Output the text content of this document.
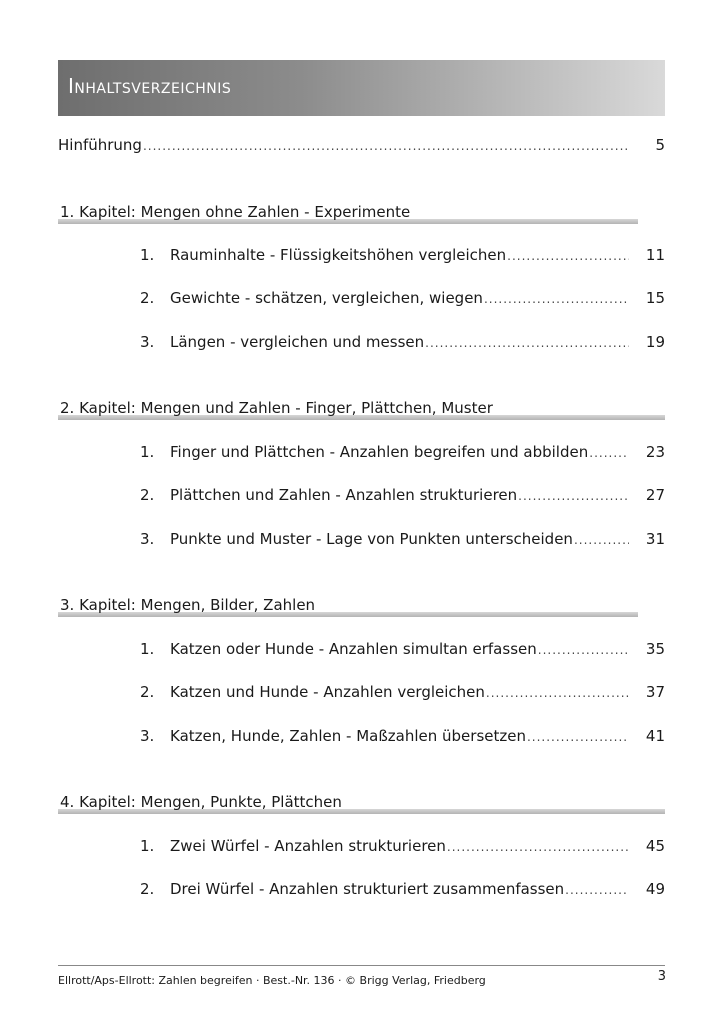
Inhaltsverzeichnis
Hinführung .....	5
1. Kapitel: Mengen ohne Zahlen - Experimente
1.	Rauminhalte - Flüssigkeitshöhen vergleichen .....	11
2.	Gewichte - schätzen, vergleichen, wiegen .....	15
3.	Längen - vergleichen und messen .....	19
2. Kapitel: Mengen und Zahlen - Finger, Plättchen, Muster
1.	Finger und Plättchen - Anzahlen begreifen und abbilden .....	23
2.	Plättchen und Zahlen - Anzahlen strukturieren .....	27
3.	Punkte und Muster - Lage von Punkten unterscheiden .....	31
3. Kapitel: Mengen, Bilder, Zahlen
1.	Katzen oder Hunde - Anzahlen simultan erfassen .....	35
2.	Katzen und Hunde - Anzahlen vergleichen .....	37
3.	Katzen, Hunde, Zahlen - Maßzahlen übersetzen .....	41
4. Kapitel: Mengen, Punkte, Plättchen
1.	Zwei Würfel - Anzahlen strukturieren .....	45
2.	Drei Würfel - Anzahlen strukturiert zusammenfassen .....	49
Ellrott/Aps-Ellrott: Zahlen begreifen · Best.-Nr. 136 · © Brigg Verlag, Friedberg	3
